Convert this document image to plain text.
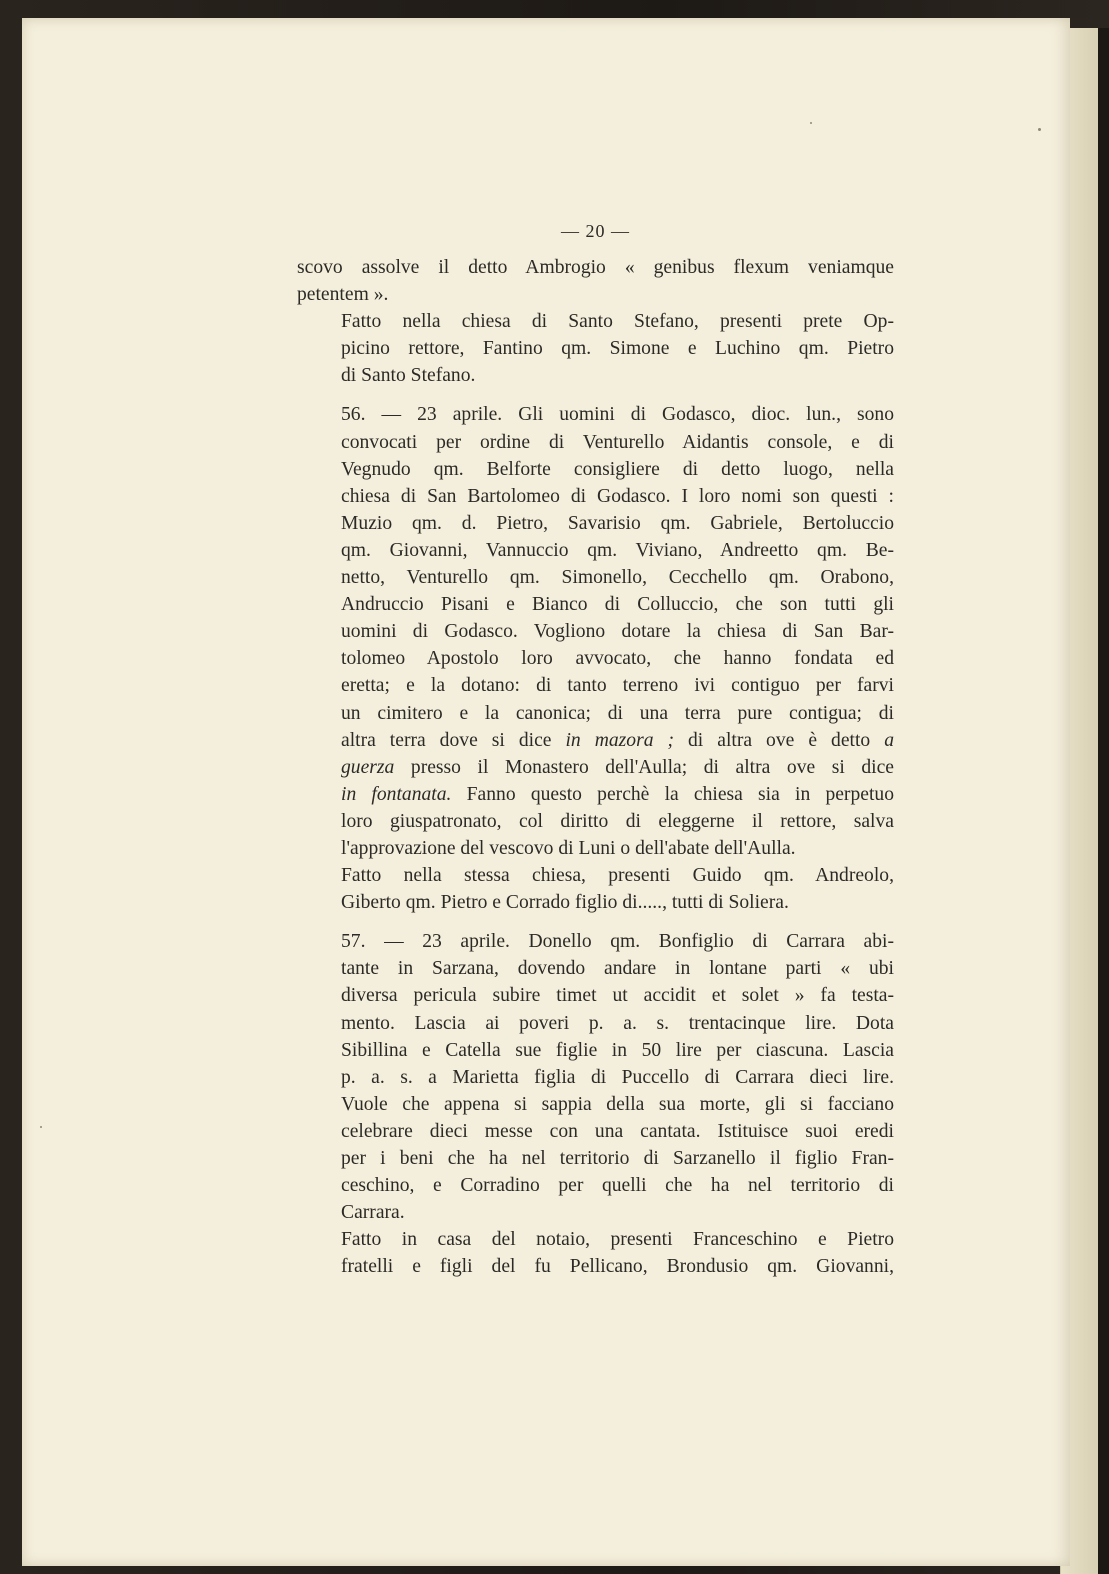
— 20 —
scovo assolve il detto Ambrogio « genibus flexum veniamque
petentem ».
Fatto nella chiesa di Santo Stefano, presenti prete Op-
picino rettore, Fantino qm. Simone e Luchino qm. Pietro
di Santo Stefano.
56. — 23 aprile. Gli uomini di Godasco, dioc. lun., sono
convocati per ordine di Venturello Aidantis console, e di
Vegnudo qm. Belforte consigliere di detto luogo, nella
chiesa di San Bartolomeo di Godasco. I loro nomi son questi :
Muzio qm. d. Pietro, Savarisio qm. Gabriele, Bertoluccio
qm. Giovanni, Vannuccio qm. Viviano, Andreetto qm. Be-
netto, Venturello qm. Simonello, Cecchello qm. Orabono,
Andruccio Pisani e Bianco di Colluccio, che son tutti gli
uomini di Godasco. Vogliono dotare la chiesa di San Bar-
tolomeo Apostolo loro avvocato, che hanno fondata ed
eretta; e la dotano: di tanto terreno ivi contiguo per farvi
un cimitero e la canonica; di una terra pure contigua; di
altra terra dove si dice in mazora ; di altra ove è detto a
guerza presso il Monastero dell'Aulla; di altra ove si dice
in fontanata. Fanno questo perchè la chiesa sia in perpetuo
loro giuspatronato, col diritto di eleggerne il rettore, salva
l'approvazione del vescovo di Luni o dell'abate dell'Aulla.
Fatto nella stessa chiesa, presenti Guido qm. Andreolo,
Giberto qm. Pietro e Corrado figlio di....., tutti di Soliera.
57. — 23 aprile. Donello qm. Bonfiglio di Carrara abi-
tante in Sarzana, dovendo andare in lontane parti « ubi
diversa pericula subire timet ut accidit et solet » fa testa-
mento. Lascia ai poveri p. a. s. trentacinque lire. Dota
Sibillina e Catella sue figlie in 50 lire per ciascuna. Lascia
p. a. s. a Marietta figlia di Puccello di Carrara dieci lire.
Vuole che appena si sappia della sua morte, gli si facciano
celebrare dieci messe con una cantata. Istituisce suoi eredi
per i beni che ha nel territorio di Sarzanello il figlio Fran-
ceschino, e Corradino per quelli che ha nel territorio di
Carrara.
Fatto in casa del notaio, presenti Franceschino e Pietro
fratelli e figli del fu Pellicano, Brondusio qm. Giovanni,
